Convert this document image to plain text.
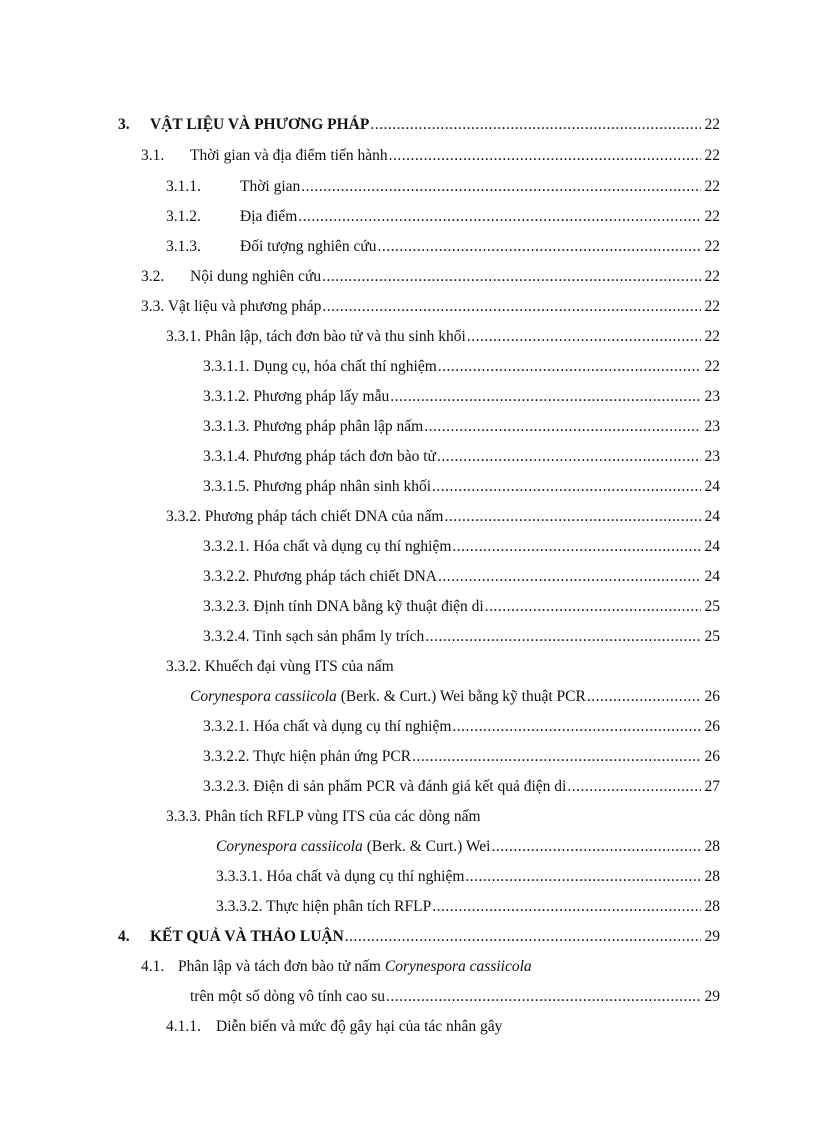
3.	VẬT LIỆU VÀ PHƯƠNG PHÁP .....	22
3.1.	Thời gian và địa điểm tiến hành .....	22
3.1.1.	Thời gian .....	22
3.1.2.	Địa điểm .....	22
3.1.3.	Đối tượng nghiên cứu .....	22
3.2.	Nội dung nghiên cứu .....	22
3.3. Vật liệu và phương pháp .....	22
3.3.1. Phân lập, tách đơn bào tử và thu sinh khối .....	22
3.3.1.1. Dụng cụ, hóa chất thí nghiệm .....	22
3.3.1.2. Phương pháp lấy mẫu .....	23
3.3.1.3. Phương pháp phân lập nấm .....	23
3.3.1.4. Phương pháp tách đơn bào tử .....	23
3.3.1.5. Phương pháp nhân sinh khối .....	24
3.3.2. Phương pháp tách chiết DNA của nấm .....	24
3.3.2.1. Hóa chất và dụng cụ thí nghiệm .....	24
3.3.2.2. Phương pháp tách chiết DNA .....	24
3.3.2.3. Định tính DNA bằng kỹ thuật điện di .....	25
3.3.2.4. Tinh sạch sản phẩm ly trích .....	25
3.3.2. Khuếch đại vùng ITS của nấm
Corynespora cassiicola (Berk. & Curt.) Wei bằng kỹ thuật PCR .....	26
3.3.2.1. Hóa chất và dụng cụ thí nghiệm .....	26
3.3.2.2. Thực hiện phản ứng PCR .....	26
3.3.2.3. Điện di sản phẩm PCR và đánh giá kết quả điện di .....	27
3.3.3. Phân tích RFLP vùng ITS của các dòng nấm
Corynespora cassiicola (Berk. & Curt.) Wei .....	28
3.3.3.1. Hóa chất và dụng cụ thí nghiệm .....	28
3.3.3.2. Thực hiện phân tích RFLP .....	28
4.	KẾT QUẢ VÀ THẢO LUẬN .....	29
4.1. Phân lập và tách đơn bào tử nấm Corynespora cassiicola
trên một số dòng vô tính cao su .....	29
4.1.1. Diễn biến và mức độ gây hại của tác nhân gây
